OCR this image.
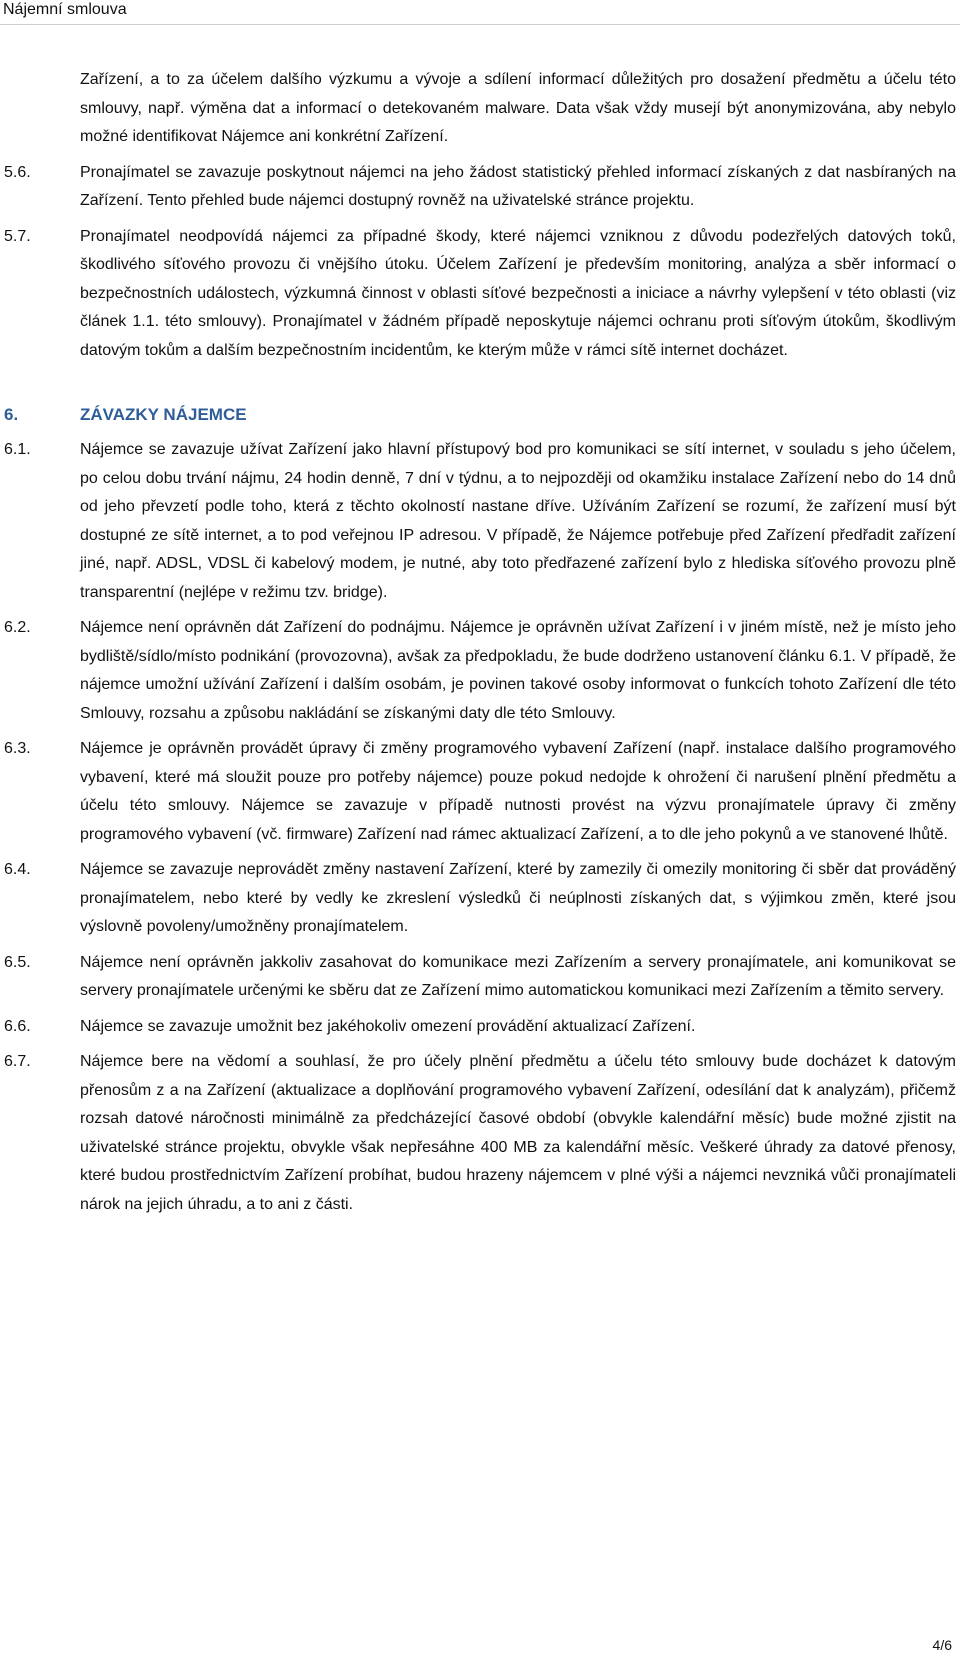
Nájemní smlouva
Zařízení, a to za účelem dalšího výzkumu a vývoje a sdílení informací důležitých pro dosažení předmětu a účelu této smlouvy, např. výměna dat a informací o detekovaném malware. Data však vždy musejí být anonymizována, aby nebylo možné identifikovat Nájemce ani konkrétní Zařízení.
5.6.	Pronajímatel se zavazuje poskytnout nájemci na jeho žádost statistický přehled informací získaných z dat nasbíraných na Zařízení. Tento přehled bude nájemci dostupný rovněž na uživatelské stránce projektu.
5.7.	Pronajímatel neodpovídá nájemci za případné škody, které nájemci vzniknou z důvodu podezřelých datových toků, škodlivého síťového provozu či vnějšího útoku. Účelem Zařízení je především monitoring, analýza a sběr informací o bezpečnostních událostech, výzkumná činnost v oblasti síťové bezpečnosti a iniciace a návrhy vylepšení v této oblasti (viz článek 1.1. této smlouvy). Pronajímatel v žádném případě neposkytuje nájemci ochranu proti síťovým útokům, škodlivým datovým tokům a dalším bezpečnostním incidentům, ke kterým může v rámci sítě internet docházet.
6.	ZÁVAZKY NÁJEMCE
6.1.	Nájemce se zavazuje užívat Zařízení jako hlavní přístupový bod pro komunikaci se sítí internet, v souladu s jeho účelem, po celou dobu trvání nájmu, 24 hodin denně, 7 dní v týdnu, a to nejpozději od okamžiku instalace Zařízení nebo do 14 dnů od jeho převzetí podle toho, která z těchto okolností nastane dříve. Užíváním Zařízení se rozumí, že zařízení musí být dostupné ze sítě internet, a to pod veřejnou IP adresou. V případě, že Nájemce potřebuje před Zařízení předřadit zařízení jiné, např. ADSL, VDSL či kabelový modem, je nutné, aby toto předřazené zařízení bylo z hlediska síťového provozu plně transparentní (nejlépe v režimu tzv. bridge).
6.2.	Nájemce není oprávněn dát Zařízení do podnájmu. Nájemce je oprávněn užívat Zařízení i v jiném místě, než je místo jeho bydliště/sídlo/místo podnikání (provozovna), avšak za předpokladu, že bude dodrženo ustanovení článku 6.1. V případě, že nájemce umožní užívání Zařízení i dalším osobám, je povinen takové osoby informovat o funkcích tohoto Zařízení dle této Smlouvy, rozsahu a způsobu nakládání se získanými daty dle této Smlouvy.
6.3.	Nájemce je oprávněn provádět úpravy či změny programového vybavení Zařízení (např. instalace dalšího programového vybavení, které má sloužit pouze pro potřeby nájemce) pouze pokud nedojde k ohrožení či narušení plnění předmětu a účelu této smlouvy. Nájemce se zavazuje v případě nutnosti provést na výzvu pronajímatele úpravy či změny programového vybavení (vč. firmware) Zařízení nad rámec aktualizací Zařízení, a to dle jeho pokynů a ve stanovené lhůtě.
6.4.	Nájemce se zavazuje neprovádět změny nastavení Zařízení, které by zamezily či omezily monitoring či sběr dat prováděný pronajímatelem, nebo které by vedly ke zkreslení výsledků či neúplnosti získaných dat, s výjimkou změn, které jsou výslovně povoleny/umožněny pronajímatelem.
6.5.	Nájemce není oprávněn jakkoliv zasahovat do komunikace mezi Zařízením a servery pronajímatele, ani komunikovat se servery pronajímatele určenými ke sběru dat ze Zařízení mimo automatickou komunikaci mezi Zařízením a těmito servery.
6.6.	Nájemce se zavazuje umožnit bez jakéhokoliv omezení provádění aktualizací Zařízení.
6.7.	Nájemce bere na vědomí a souhlasí, že pro účely plnění předmětu a účelu této smlouvy bude docházet k datovým přenosům z a na Zařízení (aktualizace a doplňování programového vybavení Zařízení, odesílání dat k analyzám), přičemž rozsah datové náročnosti minimálně za předcházející časové období (obvykle kalendářní měsíc) bude možné zjistit na uživatelské stránce projektu, obvykle však nepřesáhne 400 MB za kalendářní měsíc. Veškeré úhrady za datové přenosy, které budou prostřednictvím Zařízení probíhat, budou hrazeny nájemcem v plné výši a nájemci nevzniká vůči pronajímateli nárok na jejich úhradu, a to ani z části.
4/6
